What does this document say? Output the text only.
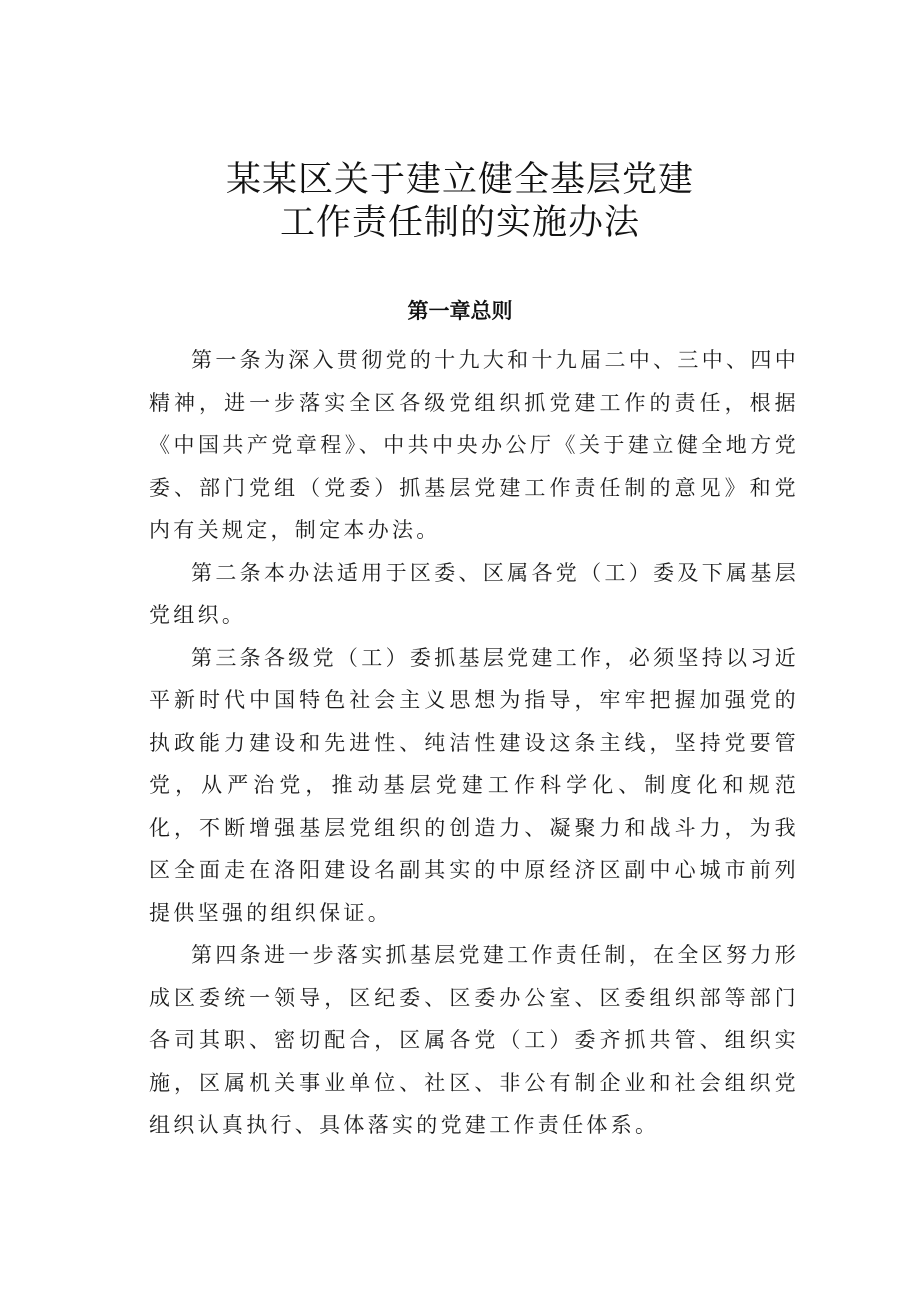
某某区关于建立健全基层党建
工作责任制的实施办法
第一章总则

第一条为深入贯彻党的十九大和十九届二中、三中、四中精神，进一步落实全区各级党组织抓党建工作的责任，根据《中国共产党章程》、中共中央办公厅《关于建立健全地方党委、部门党组（党委）抓基层党建工作责任制的意见》和党内有关规定，制定本办法。

第二条本办法适用于区委、区属各党（工）委及下属基层党组织。

第三条各级党（工）委抓基层党建工作，必须坚持以习近平新时代中国特色社会主义思想为指导，牢牢把握加强党的执政能力建设和先进性、纯洁性建设这条主线，坚持党要管党，从严治党，推动基层党建工作科学化、制度化和规范化，不断增强基层党组织的创造力、凝聚力和战斗力，为我区全面走在洛阳建设名副其实的中原经济区副中心城市前列提供坚强的组织保证。

第四条进一步落实抓基层党建工作责任制，在全区努力形成区委统一领导，区纪委、区委办公室、区委组织部等部门各司其职、密切配合，区属各党（工）委齐抓共管、组织实施，区属机关事业单位、社区、非公有制企业和社会组织党组织认真执行、具体落实的党建工作责任体系。
